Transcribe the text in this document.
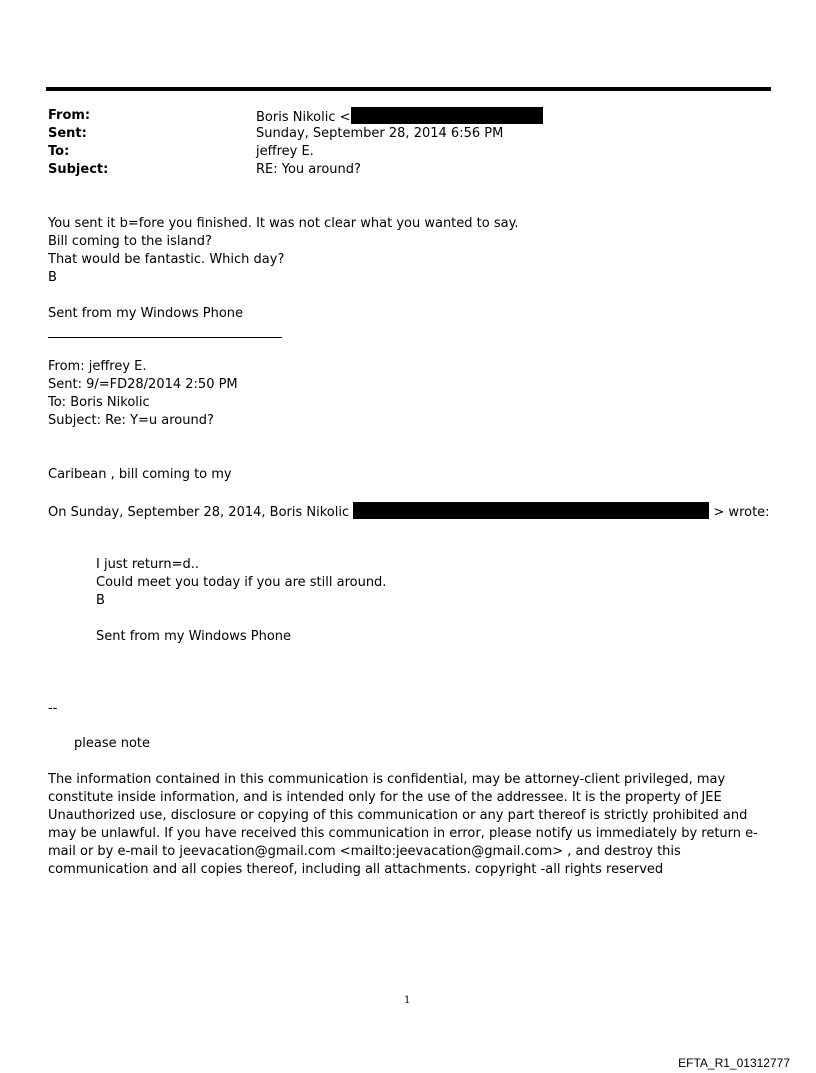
From:	Boris Nikolic <
Sent:	Sunday, September 28, 2014 6:56 PM
To:	jeffrey E.
Subject:	RE: You around?
You sent it b=fore you finished. It was not clear what you wanted to say.
Bill coming to the island?
That would be fantastic. Which day?
B
Sent from my Windows Phone
From: jeffrey E.
Sent: 9/=FD28/2014 2:50 PM
To: Boris Nikolic
Subject: Re: Y=u around?
Caribean , bill coming to my
On Sunday, September 28, 2014, Boris Nikolic	> wrote:
I just return=d..
Could meet you today if you are still around.
B
Sent from my Windows Phone
--
please note
The information contained in this communication is confidential, may be attorney-client privileged, may constitute inside information, and is intended only for the use of the addressee. It is the property of JEE Unauthorized use, disclosure or copying of this communication or any part thereof is strictly prohibited and may be unlawful. If you have received this communication in error, please notify us immediately by return e-mail or by e-mail to jeevacation@gmail.com <mailto:jeevacation@gmail.com> , and destroy this communication and all copies thereof, including all attachments. copyright -all rights reserved
1
EFTA_R1_01312777
